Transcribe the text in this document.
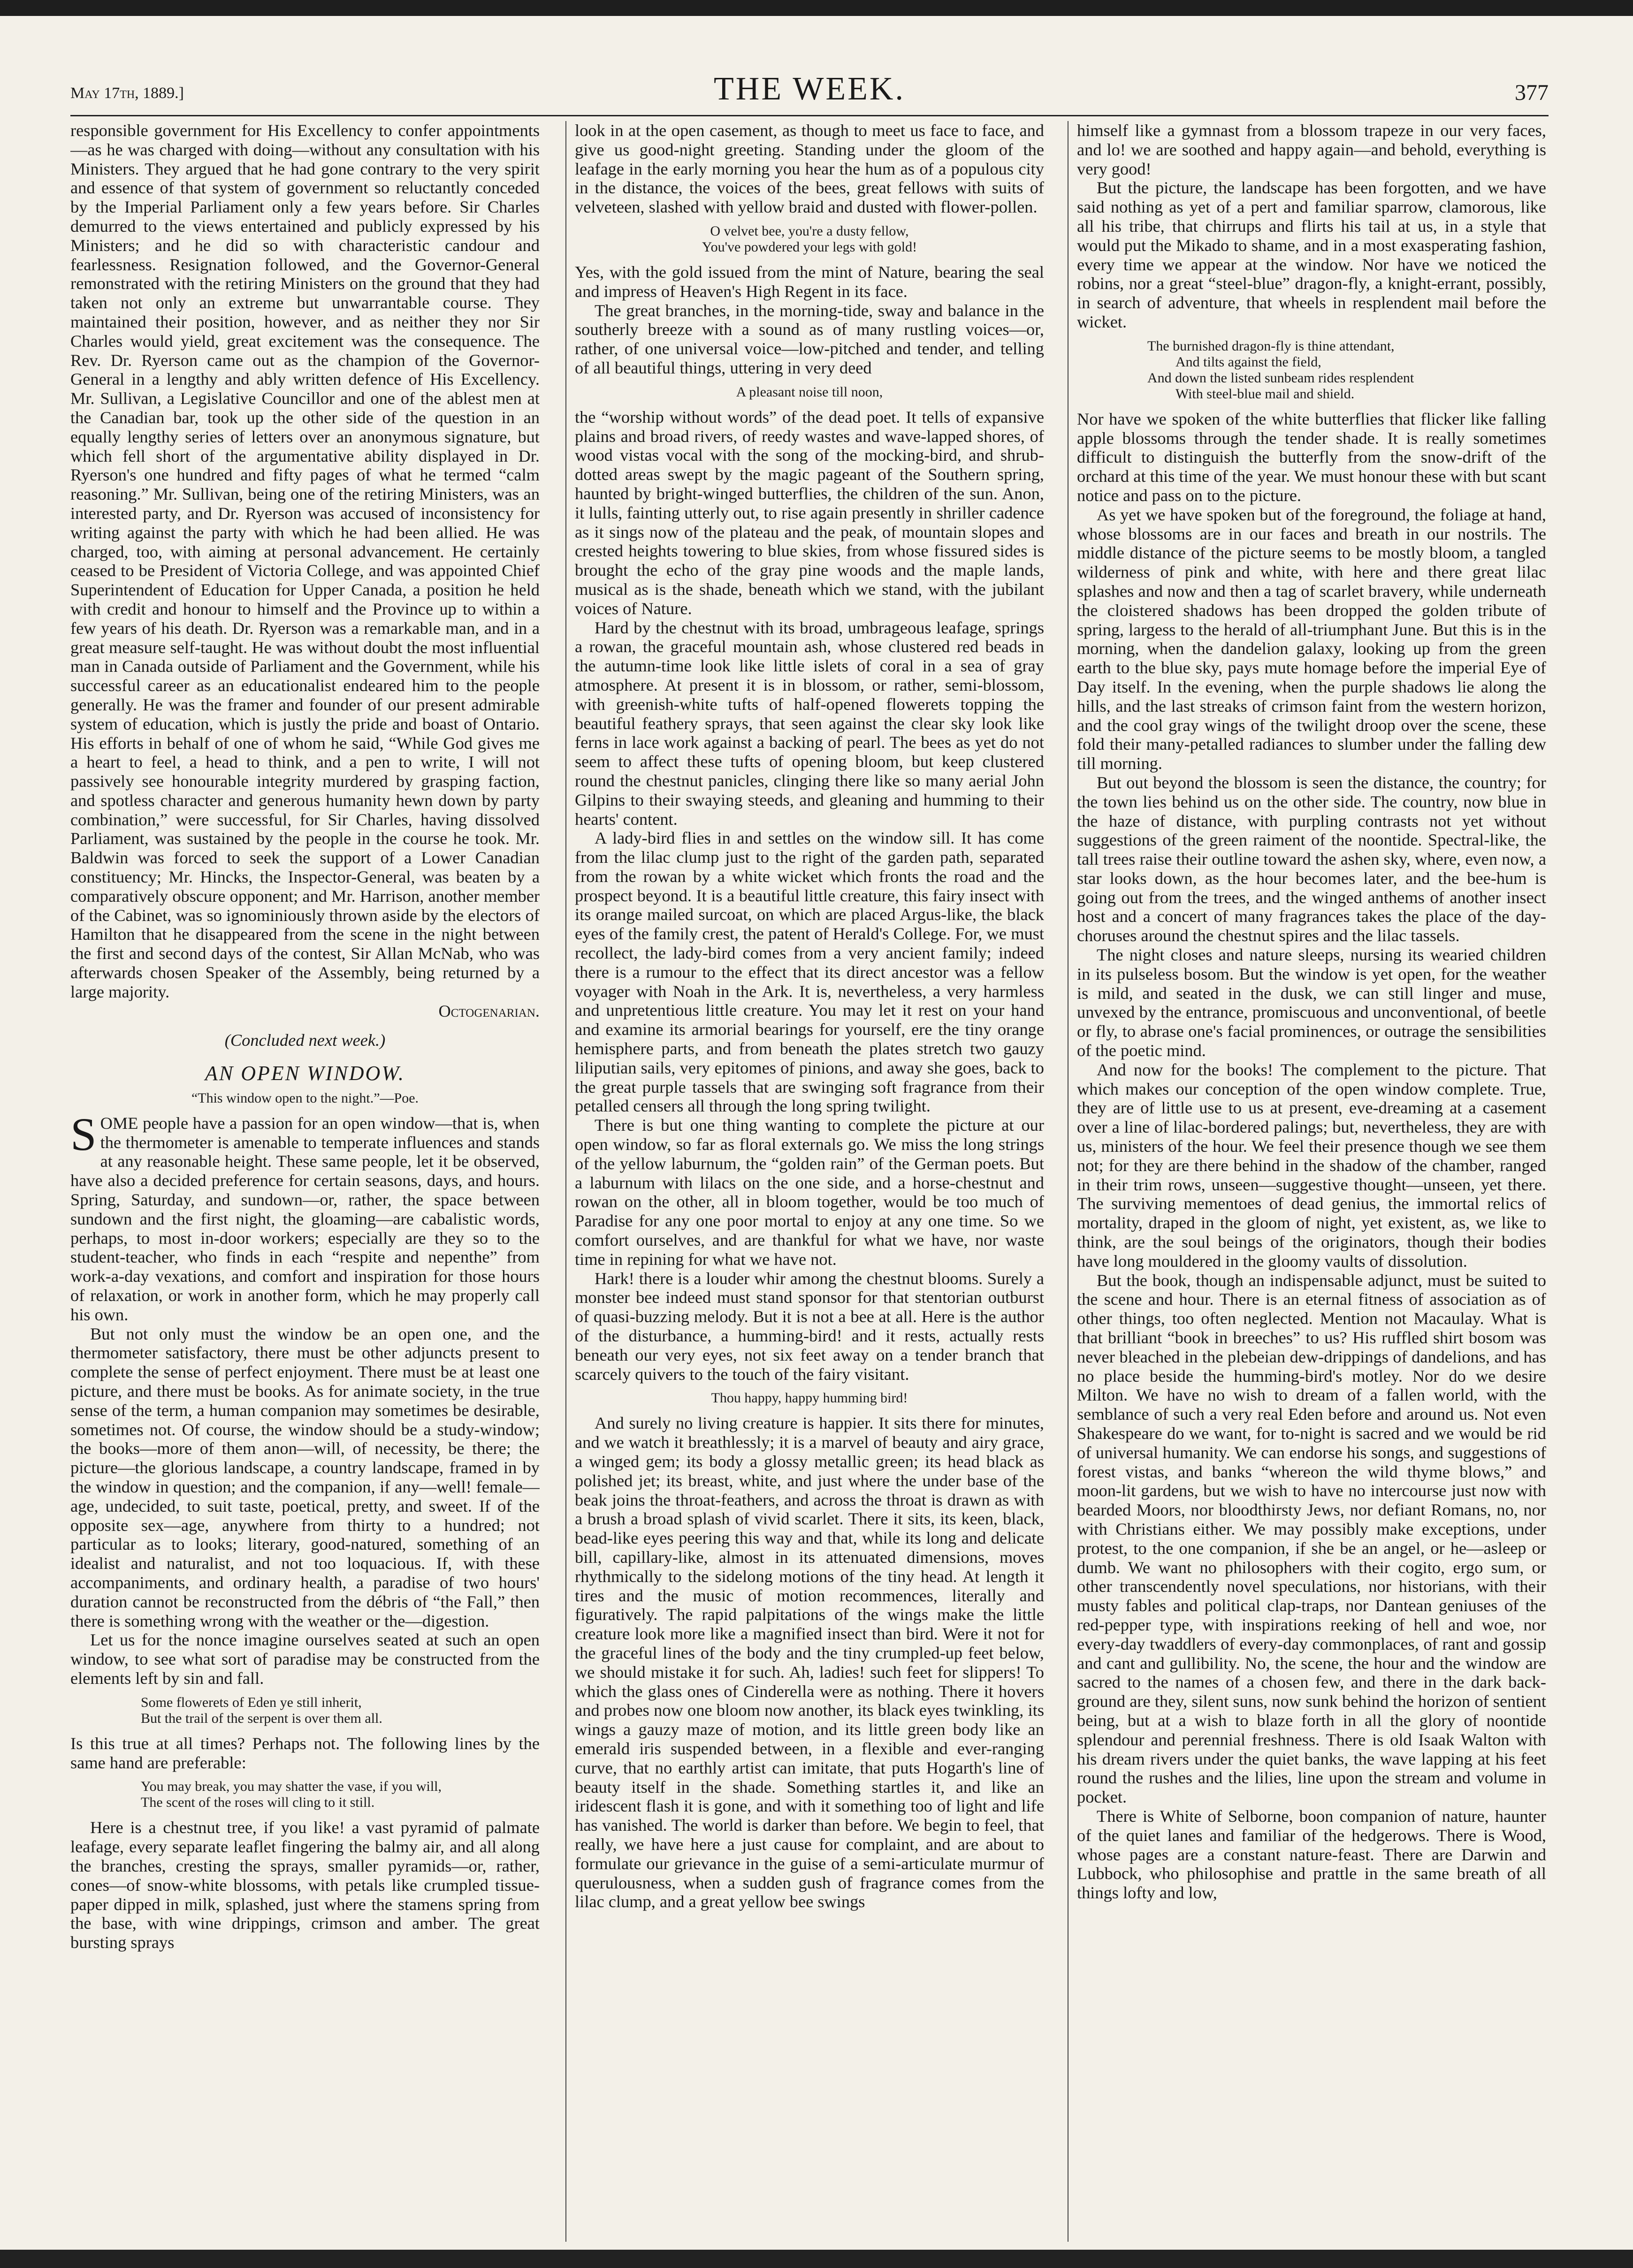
THE WEEK.
May 17th, 1889.]	377

responsible government for His Excellency to confer appointments—as he was charged with doing—without any consultation with his Ministers. They argued that he had gone contrary to the very spirit and essence of that system of government so reluctantly conceded by the Imperial Parliament only a few years before. Sir Charles demurred to the views entertained and publicly expressed by his Ministers; and he did so with characteristic candour and fearlessness. Resignation followed, and the Governor-General remonstrated with the retiring Ministers on the ground that they had taken not only an extreme but unwarrantable course. They maintained their position, however, and as neither they nor Sir Charles would yield, great excitement was the consequence. The Rev. Dr. Ryerson came out as the champion of the Governor-General in a lengthy and ably written defence of His Excellency. Mr. Sullivan, a Legislative Councillor and one of the ablest men at the Canadian bar, took up the other side of the question in an equally lengthy series of letters over an anonymous signature, but which fell short of the argumentative ability displayed in Dr. Ryerson's one hundred and fifty pages of what he termed “calm reasoning.” Mr. Sullivan, being one of the retiring Ministers, was an interested party, and Dr. Ryerson was accused of inconsistency for writing against the party with which he had been allied. He was charged, too, with aiming at personal advancement. He certainly ceased to be President of Victoria College, and was appointed Chief Superintendent of Education for Upper Canada, a position he held with credit and honour to himself and the Province up to within a few years of his death. Dr. Ryerson was a remarkable man, and in a great measure self-taught. He was without doubt the most influential man in Canada outside of Parliament and the Government, while his successful career as an educationalist endeared him to the people generally. He was the framer and founder of our present admirable system of education, which is justly the pride and boast of Ontario. His efforts in behalf of one of whom he said, “While God gives me a heart to feel, a head to think, and a pen to write, I will not passively see honourable integrity murdered by grasping faction, and spotless character and generous humanity hewn down by party combination,” were successful, for Sir Charles, having dissolved Parliament, was sustained by the people in the course he took. Mr. Baldwin was forced to seek the support of a Lower Canadian constituency; Mr. Hincks, the Inspector-General, was beaten by a comparatively obscure opponent; and Mr. Harrison, another member of the Cabinet, was so ignominiously thrown aside by the electors of Hamilton that he disappeared from the scene in the night between the first and second days of the contest, Sir Allan McNab, who was afterwards chosen Speaker of the Assembly, being returned by a large majority.

Octogenarian.
(Concluded next week.)
AN OPEN WINDOW.
“This window open to the night.”—Poe.

SOME people have a passion for an open window—that is, when the thermometer is amenable to temperate influences and stands at any reasonable height. These same people, let it be observed, have also a decided preference for certain seasons, days, and hours. Spring, Saturday, and sundown—or, rather, the space between sundown and the first night, the gloaming—are cabalistic words, perhaps, to most in-door workers; especially are they so to the student-teacher, who finds in each “respite and nepenthe” from work-a-day vexations, and comfort and inspiration for those hours of relaxation, or work in another form, which he may properly call his own.

But not only must the window be an open one, and the thermometer satisfactory, there must be other adjuncts present to complete the sense of perfect enjoyment. There must be at least one picture, and there must be books. As for animate society, in the true sense of the term, a human companion may sometimes be desirable, sometimes not. Of course, the window should be a study-window; the books—more of them anon—will, of necessity, be there; the picture—the glorious landscape, a country landscape, framed in by the window in question; and the companion, if any—well! female—age, undecided, to suit taste, poetical, pretty, and sweet. If of the opposite sex—age, anywhere from thirty to a hundred; not particular as to looks; literary, good-natured, something of an idealist and naturalist, and not too loquacious. If, with these accompaniments, and ordinary health, a paradise of two hours' duration cannot be reconstructed from the débris of “the Fall,” then there is something wrong with the weather or the—digestion.

Let us for the nonce imagine ourselves seated at such an open window, to see what sort of paradise may be constructed from the elements left by sin and fall.

Some flowerets of Eden ye still inherit,
But the trail of the serpent is over them all.

Is this true at all times? Perhaps not. The following lines by the same hand are preferable:

You may break, you may shatter the vase, if you will,
The scent of the roses will cling to it still.

Here is a chestnut tree, if you like! a vast pyramid of palmate leafage, every separate leaflet fingering the balmy air, and all along the branches, cresting the sprays, smaller pyramids—or, rather, cones—of snow-white blossoms, with petals like crumpled tissue-paper dipped in milk, splashed, just where the stamens spring from the base, with wine drippings, crimson and amber. The great bursting sprays

look in at the open casement, as though to meet us face to face, and give us good-night greeting. Standing under the gloom of the leafage in the early morning you hear the hum as of a populous city in the distance, the voices of the bees, great fellows with suits of velveteen, slashed with yellow braid and dusted with flower-pollen.

O velvet bee, you're a dusty fellow,
You've powdered your legs with gold!

Yes, with the gold issued from the mint of Nature, bearing the seal and impress of Heaven's High Regent in its face.

The great branches, in the morning-tide, sway and balance in the southerly breeze with a sound as of many rustling voices—or, rather, of one universal voice—low-pitched and tender, and telling of all beautiful things, uttering in very deed

A pleasant noise till noon,

the “worship without words” of the dead poet. It tells of expansive plains and broad rivers, of reedy wastes and wave-lapped shores, of wood vistas vocal with the song of the mocking-bird, and shrub-dotted areas swept by the magic pageant of the Southern spring, haunted by bright-winged butterflies, the children of the sun. Anon, it lulls, fainting utterly out, to rise again presently in shriller cadence as it sings now of the plateau and the peak, of mountain slopes and crested heights towering to blue skies, from whose fissured sides is brought the echo of the gray pine woods and the maple lands, musical as is the shade, beneath which we stand, with the jubilant voices of Nature.

Hard by the chestnut with its broad, umbrageous leafage, springs a rowan, the graceful mountain ash, whose clustered red beads in the autumn-time look like little islets of coral in a sea of gray atmosphere. At present it is in blossom, or rather, semi-blossom, with greenish-white tufts of half-opened flowerets topping the beautiful feathery sprays, that seen against the clear sky look like ferns in lace work against a backing of pearl. The bees as yet do not seem to affect these tufts of opening bloom, but keep clustered round the chestnut panicles, clinging there like so many aerial John Gilpins to their swaying steeds, and gleaning and humming to their hearts' content.

A lady-bird flies in and settles on the window sill. It has come from the lilac clump just to the right of the garden path, separated from the rowan by a white wicket which fronts the road and the prospect beyond. It is a beautiful little creature, this fairy insect with its orange mailed surcoat, on which are placed Argus-like, the black eyes of the family crest, the patent of Herald's College. For, we must recollect, the lady-bird comes from a very ancient family; indeed there is a rumour to the effect that its direct ancestor was a fellow voyager with Noah in the Ark. It is, nevertheless, a very harmless and unpretentious little creature. You may let it rest on your hand and examine its armorial bearings for yourself, ere the tiny orange hemisphere parts, and from beneath the plates stretch two gauzy liliputian sails, very epitomes of pinions, and away she goes, back to the great purple tassels that are swinging soft fragrance from their petalled censers all through the long spring twilight.

There is but one thing wanting to complete the picture at our open window, so far as floral externals go. We miss the long strings of the yellow laburnum, the “golden rain” of the German poets. But a laburnum with lilacs on the one side, and a horse-chestnut and rowan on the other, all in bloom together, would be too much of Paradise for any one poor mortal to enjoy at any one time. So we comfort ourselves, and are thankful for what we have, nor waste time in repining for what we have not.

Hark! there is a louder whir among the chestnut blooms. Surely a monster bee indeed must stand sponsor for that stentorian outburst of quasi-buzzing melody. But it is not a bee at all. Here is the author of the disturbance, a humming-bird! and it rests, actually rests beneath our very eyes, not six feet away on a tender branch that scarcely quivers to the touch of the fairy visitant.

Thou happy, happy humming bird!

And surely no living creature is happier. It sits there for minutes, and we watch it breathlessly; it is a marvel of beauty and airy grace, a winged gem; its body a glossy metallic green; its head black as polished jet; its breast, white, and just where the under base of the beak joins the throat-feathers, and across the throat is drawn as with a brush a broad splash of vivid scarlet. There it sits, its keen, black, bead-like eyes peering this way and that, while its long and delicate bill, capillary-like, almost in its attenuated dimensions, moves rhythmically to the sidelong motions of the tiny head. At length it tires and the music of motion recommences, literally and figuratively. The rapid palpitations of the wings make the little creature look more like a magnified insect than bird. Were it not for the graceful lines of the body and the tiny crumpled-up feet below, we should mistake it for such. Ah, ladies! such feet for slippers! To which the glass ones of Cinderella were as nothing. There it hovers and probes now one bloom now another, its black eyes twinkling, its wings a gauzy maze of motion, and its little green body like an emerald iris suspended between, in a flexible and ever-ranging curve, that no earthly artist can imitate, that puts Hogarth's line of beauty itself in the shade. Something startles it, and like an iridescent flash it is gone, and with it something too of light and life has vanished. The world is darker than before. We begin to feel, that really, we have here a just cause for complaint, and are about to formulate our grievance in the guise of a semi-articulate murmur of querulousness, when a sudden gush of fragrance comes from the lilac clump, and a great yellow bee swings

himself like a gymnast from a blossom trapeze in our very faces, and lo! we are soothed and happy again—and behold, everything is very good!

But the picture, the landscape has been forgotten, and we have said nothing as yet of a pert and familiar sparrow, clamorous, like all his tribe, that chirrups and flirts his tail at us, in a style that would put the Mikado to shame, and in a most exasperating fashion, every time we appear at the window. Nor have we noticed the robins, nor a great “steel-blue” dragon-fly, a knight-errant, possibly, in search of adventure, that wheels in resplendent mail before the wicket.

The burnished dragon-fly is thine attendant,
And tilts against the field,
And down the listed sunbeam rides resplendent
With steel-blue mail and shield.

Nor have we spoken of the white butterflies that flicker like falling apple blossoms through the tender shade. It is really sometimes difficult to distinguish the butterfly from the snow-drift of the orchard at this time of the year. We must honour these with but scant notice and pass on to the picture.

As yet we have spoken but of the foreground, the foliage at hand, whose blossoms are in our faces and breath in our nostrils. The middle distance of the picture seems to be mostly bloom, a tangled wilderness of pink and white, with here and there great lilac splashes and now and then a tag of scarlet bravery, while underneath the cloistered shadows has been dropped the golden tribute of spring, largess to the herald of all-triumphant June. But this is in the morning, when the dandelion galaxy, looking up from the green earth to the blue sky, pays mute homage before the imperial Eye of Day itself. In the evening, when the purple shadows lie along the hills, and the last streaks of crimson faint from the western horizon, and the cool gray wings of the twilight droop over the scene, these fold their many-petalled radiances to slumber under the falling dew till morning.

But out beyond the blossom is seen the distance, the country; for the town lies behind us on the other side. The country, now blue in the haze of distance, with purpling contrasts not yet without suggestions of the green raiment of the noontide. Spectral-like, the tall trees raise their outline toward the ashen sky, where, even now, a star looks down, as the hour becomes later, and the bee-hum is going out from the trees, and the winged anthems of another insect host and a concert of many fragrances takes the place of the day-choruses around the chestnut spires and the lilac tassels.

The night closes and nature sleeps, nursing its wearied children in its pulseless bosom. But the window is yet open, for the weather is mild, and seated in the dusk, we can still linger and muse, unvexed by the entrance, promiscuous and unconventional, of beetle or fly, to abrase one's facial prominences, or outrage the sensibilities of the poetic mind.

And now for the books! The complement to the picture. That which makes our conception of the open window complete. True, they are of little use to us at present, eve-dreaming at a casement over a line of lilac-bordered palings; but, nevertheless, they are with us, ministers of the hour. We feel their presence though we see them not; for they are there behind in the shadow of the chamber, ranged in their trim rows, unseen—suggestive thought—unseen, yet there. The surviving mementoes of dead genius, the immortal relics of mortality, draped in the gloom of night, yet existent, as, we like to think, are the soul beings of the originators, though their bodies have long mouldered in the gloomy vaults of dissolution.

But the book, though an indispensable adjunct, must be suited to the scene and hour. There is an eternal fitness of association as of other things, too often neglected. Mention not Macaulay. What is that brilliant “book in breeches” to us? His ruffled shirt bosom was never bleached in the plebeian dew-drippings of dandelions, and has no place beside the humming-bird's motley. Nor do we desire Milton. We have no wish to dream of a fallen world, with the semblance of such a very real Eden before and around us. Not even Shakespeare do we want, for to-night is sacred and we would be rid of universal humanity. We can endorse his songs, and suggestions of forest vistas, and banks “whereon the wild thyme blows,” and moon-lit gardens, but we wish to have no intercourse just now with bearded Moors, nor bloodthirsty Jews, nor defiant Romans, no, nor with Christians either. We may possibly make exceptions, under protest, to the one companion, if she be an angel, or he—asleep or dumb. We want no philosophers with their cogito, ergo sum, or other transcendently novel speculations, nor historians, with their musty fables and political clap-traps, nor Dantean geniuses of the red-pepper type, with inspirations reeking of hell and woe, nor every-day twaddlers of every-day commonplaces, of rant and gossip and cant and gullibility. No, the scene, the hour and the window are sacred to the names of a chosen few, and there in the dark back-ground are they, silent suns, now sunk behind the horizon of sentient being, but at a wish to blaze forth in all the glory of noontide splendour and perennial freshness. There is old Isaak Walton with his dream rivers under the quiet banks, the wave lapping at his feet round the rushes and the lilies, line upon the stream and volume in pocket.

There is White of Selborne, boon companion of nature, haunter of the quiet lanes and familiar of the hedgerows. There is Wood, whose pages are a constant nature-feast. There are Darwin and Lubbock, who philosophise and prattle in the same breath of all things lofty and low,
